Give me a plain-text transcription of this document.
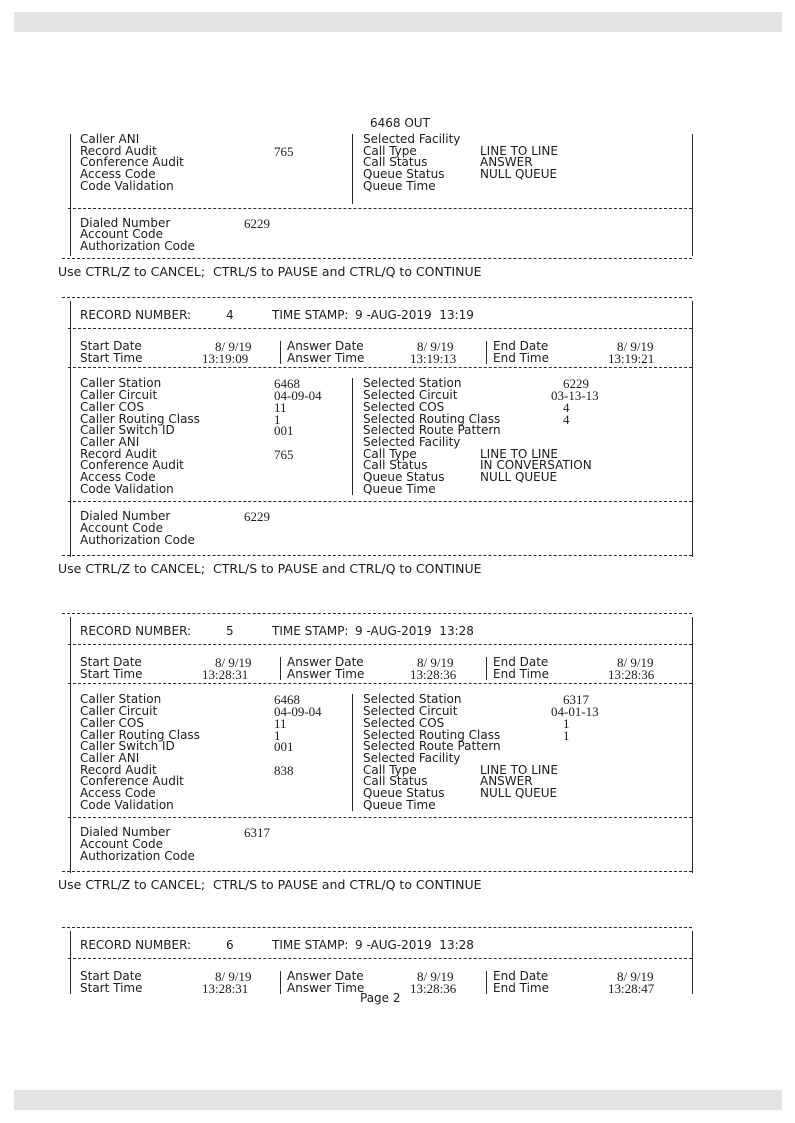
6468 OUT
Caller ANI
Record Audit	765
Conference Audit
Access Code
Code Validation
Selected Facility
Call Type	LINE TO LINE
Call Status	ANSWER
Queue Status	NULL QUEUE
Queue Time
Dialed Number	6229
Account Code
Authorization Code
Use CTRL/Z to CANCEL;  CTRL/S to PAUSE and CTRL/Q to CONTINUE
RECORD NUMBER:	4	TIME STAMP: 9 -AUG-2019  13:19
Start Date	8/ 9/19	Answer Date	8/ 9/19	End Date	8/ 9/19
Start Time	13:19:09	Answer Time	13:19:13	End Time	13:19:21
Caller Station	6468
Caller Circuit	04-09-04
Caller COS	11
Caller Routing Class	1
Caller Switch ID	001
Caller ANI
Record Audit	765
Conference Audit
Access Code
Code Validation
Selected Station	6229
Selected Circuit	03-13-13
Selected COS	4
Selected Routing Class	4
Selected Route Pattern
Selected Facility
Call Type	LINE TO LINE
Call Status	IN CONVERSATION
Queue Status	NULL QUEUE
Queue Time
Dialed Number	6229
Account Code
Authorization Code
Use CTRL/Z to CANCEL;  CTRL/S to PAUSE and CTRL/Q to CONTINUE
RECORD NUMBER:	5	TIME STAMP: 9 -AUG-2019  13:28
Start Date	8/ 9/19	Answer Date	8/ 9/19	End Date	8/ 9/19
Start Time	13:28:31	Answer Time	13:28:36	End Time	13:28:36
Caller Station	6468
Caller Circuit	04-09-04
Caller COS	11
Caller Routing Class	1
Caller Switch ID	001
Caller ANI
Record Audit	838
Conference Audit
Access Code
Code Validation
Selected Station	6317
Selected Circuit	04-01-13
Selected COS	1
Selected Routing Class	1
Selected Route Pattern
Selected Facility
Call Type	LINE TO LINE
Call Status	ANSWER
Queue Status	NULL QUEUE
Queue Time
Dialed Number	6317
Account Code
Authorization Code
Use CTRL/Z to CANCEL;  CTRL/S to PAUSE and CTRL/Q to CONTINUE
RECORD NUMBER:	6	TIME STAMP: 9 -AUG-2019  13:28
Start Date	8/ 9/19	Answer Date	8/ 9/19	End Date	8/ 9/19
Start Time	13:28:31	Answer Time	13:28:36	End Time	13:28:47
Page 2
